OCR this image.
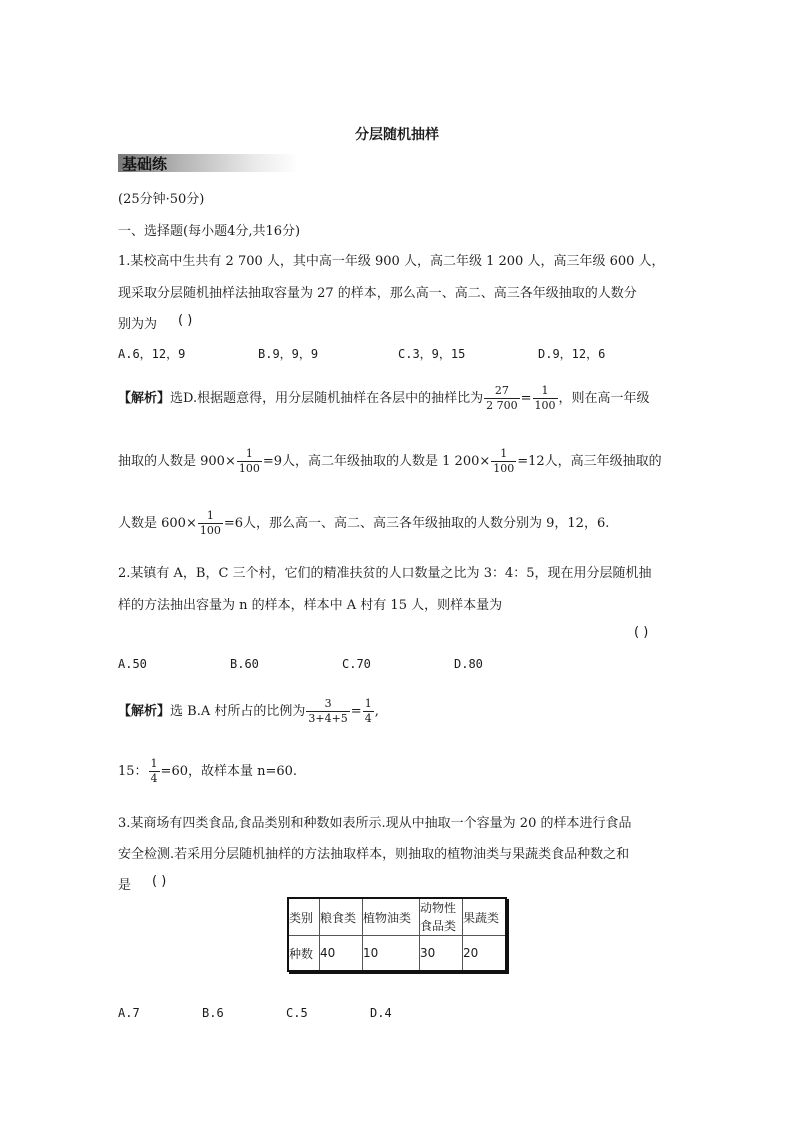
分层随机抽样
基础练
(25分钟·50分)
一、选择题(每小题4分,共16分)
1.某校高中生共有 2 700 人，其中高一年级 900 人，高二年级 1 200 人，高三年级 600 人，
现采取分层随机抽样法抽取容量为 27 的样本，那么高一、高二、高三各年级抽取的人数分
别为为 ( )
A.6，12，9	B.9，9，9	C.3，9，15	D.9，12，6
【解析】选D.根据题意得，用分层随机抽样在各层中的抽样比为 $\frac{27}{2 700} = \frac{1}{100}$ ，则在高一年级
抽取的人数是 $900\times \frac{1}{100} =9$人，高二年级抽取的人数是 1 $200\times \frac{1}{100} =12$人，高三年级抽取的
人数是 $600\times \frac{1}{100} =6$人，那么高一、高二、高三各年级抽取的人数分别为 9，12，6.
2.某镇有 A，B，C 三个村，它们的精准扶贫的人口数量之比为 3：4：5，现在用分层随机抽
样的方法抽出容量为 n 的样本，样本中 A 村有 15 人，则样本量为
( )
A.50	B.60	C.70	D.80
【解析】选 B.A 村所占的比例为 $\frac{3}{3+4+5} = \frac{1}{4}$ ,
15： $\frac{1}{4} =60$，故样本量 n=60.
3.某商场有四类食品,食品类别和种数如表所示.现从中抽取一个容量为 20 的样本进行食品
安全检测.若采用分层随机抽样的方法抽取样本，则抽取的植物油类与果蔬类食品种数之和
是 ( )
类别	粮食类	植物油类	动物性
食品类	果蔬类
种数	40	10	30	20
A.7	B.6	C.5	D.4
